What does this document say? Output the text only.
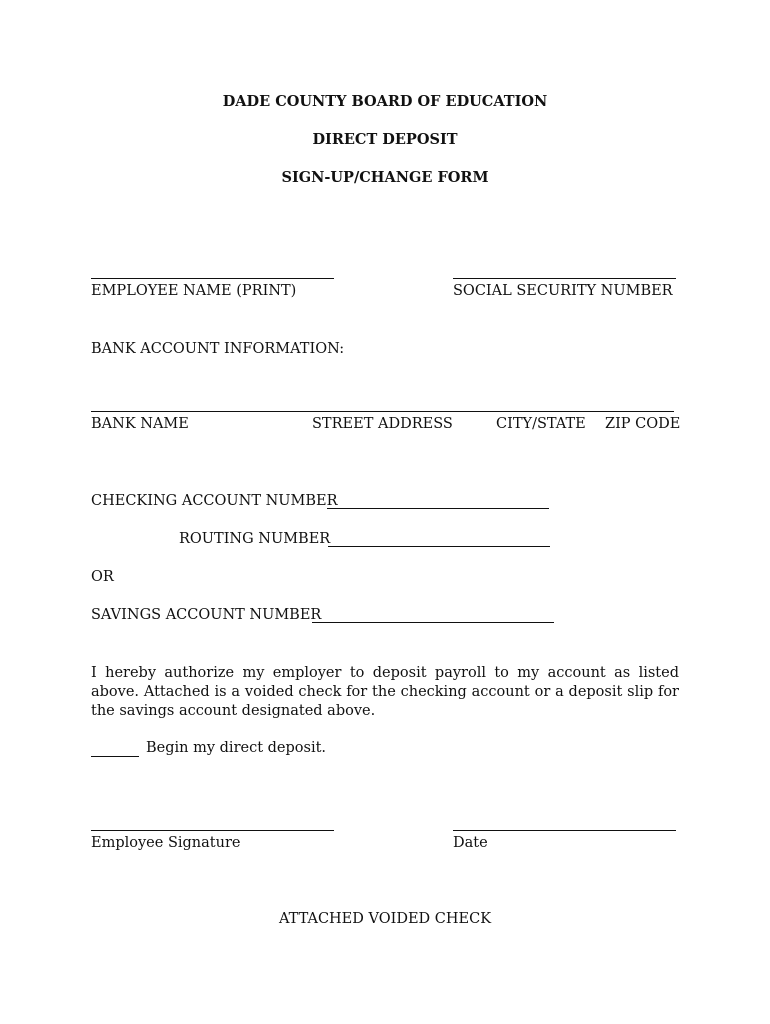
DADE COUNTY BOARD OF EDUCATION
DIRECT DEPOSIT
SIGN-UP/CHANGE FORM
EMPLOYEE NAME (PRINT)	SOCIAL SECURITY NUMBER
BANK ACCOUNT INFORMATION:
BANK NAME	STREET ADDRESS	CITY/STATE ZIP CODE
CHECKING ACCOUNT NUMBER
ROUTING NUMBER
OR
SAVINGS ACCOUNT NUMBER
I hereby authorize my employer to deposit payroll to my account as listed above. Attached is a voided check for the checking account or a deposit slip for the savings account designated above.
Begin my direct deposit.
Employee Signature	Date
ATTACHED VOIDED CHECK
